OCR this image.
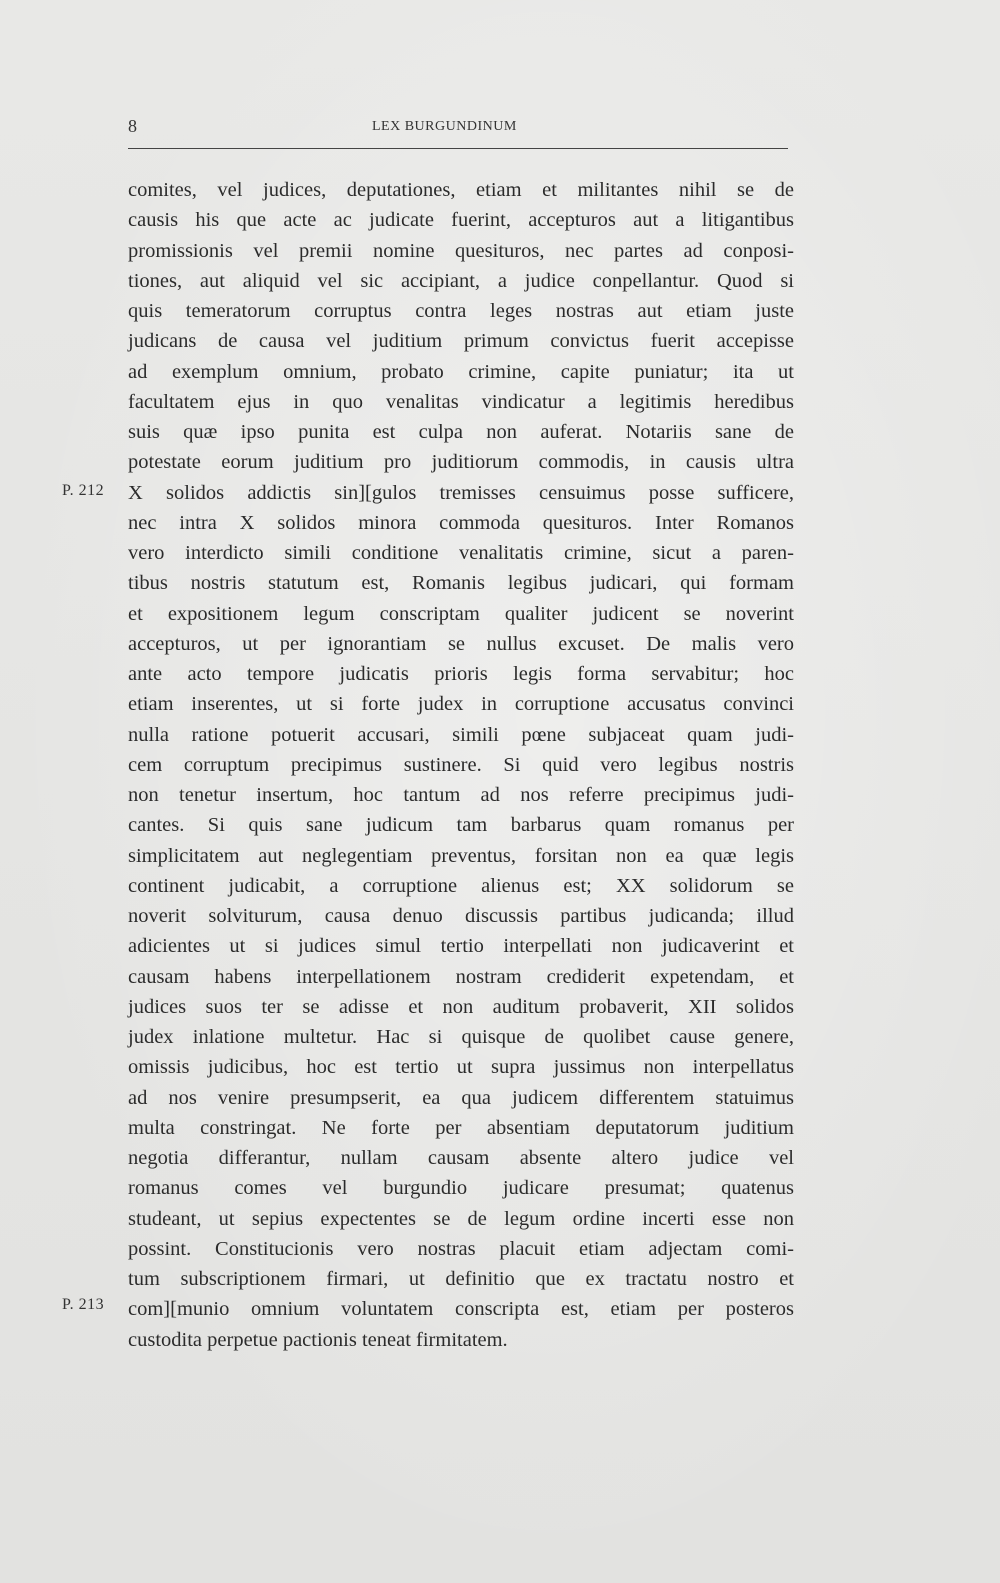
8	LEX BURGUNDINUM
P. 212
P. 213
comites, vel judices, deputationes, etiam et militantes nihil se de
causis his que acte ac judicate fuerint, accepturos aut a litigantibus
promissionis vel premii nomine quesituros, nec partes ad conposi-
tiones, aut aliquid vel sic accipiant, a judice conpellantur. Quod si
quis temeratorum corruptus contra leges nostras aut etiam juste
judicans de causa vel juditium primum convictus fuerit accepisse
ad exemplum omnium, probato crimine, capite puniatur; ita ut
facultatem ejus in quo venalitas vindicatur a legitimis heredibus
suis quæ ipso punita est culpa non auferat. Notariis sane de
potestate eorum juditium pro juditiorum commodis, in causis ultra
X solidos addictis sin][gulos tremisses censuimus posse sufficere,
nec intra X solidos minora commoda quesituros. Inter Romanos
vero interdicto simili conditione venalitatis crimine, sicut a paren-
tibus nostris statutum est, Romanis legibus judicari, qui formam
et expositionem legum conscriptam qualiter judicent se noverint
accepturos, ut per ignorantiam se nullus excuset. De malis vero
ante acto tempore judicatis prioris legis forma servabitur; hoc
etiam inserentes, ut si forte judex in corruptione accusatus convinci
nulla ratione potuerit accusari, simili pœne subjaceat quam judi-
cem corruptum precipimus sustinere. Si quid vero legibus nostris
non tenetur insertum, hoc tantum ad nos referre precipimus judi-
cantes. Si quis sane judicum tam barbarus quam romanus per
simplicitatem aut neglegentiam preventus, forsitan non ea quæ legis
continent judicabit, a corruptione alienus est; XX solidorum se
noverit solviturum, causa denuo discussis partibus judicanda; illud
adicientes ut si judices simul tertio interpellati non judicaverint et
causam habens interpellationem nostram crediderit expetendam, et
judices suos ter se adisse et non auditum probaverit, XII solidos
judex inlatione multetur. Hac si quisque de quolibet cause genere,
omissis judicibus, hoc est tertio ut supra jussimus non interpellatus
ad nos venire presumpserit, ea qua judicem differentem statuimus
multa constringat. Ne forte per absentiam deputatorum juditium
negotia differantur, nullam causam absente altero judice vel
romanus comes vel burgundio judicare presumat; quatenus
studeant, ut sepius expectentes se de legum ordine incerti esse non
possint. Constitucionis vero nostras placuit etiam adjectam comi-
tum subscriptionem firmari, ut definitio que ex tractatu nostro et
com][munio omnium voluntatem conscripta est, etiam per posteros
custodita perpetue pactionis teneat firmitatem.
